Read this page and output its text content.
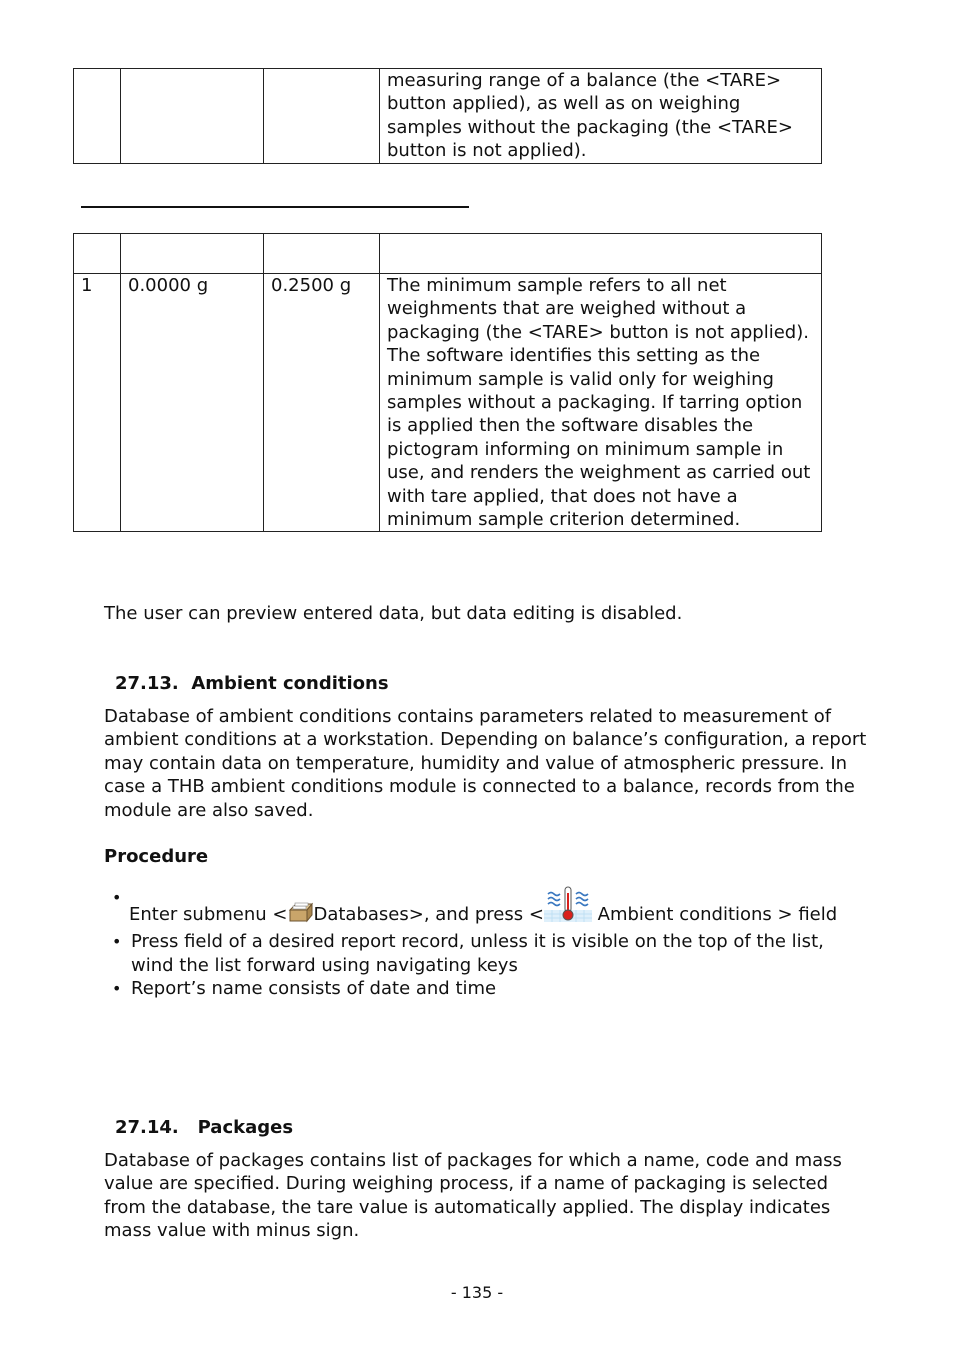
			measuring range of a balance (the <TARE> button applied), as well as on weighing samples without the packaging (the <TARE> button is not applied).

1	0.0000 g	0.2500 g	The minimum sample refers to all net weighments that are weighed without a packaging (the <TARE> button is not applied).
The software identifies this setting as the minimum sample is valid only for weighing samples without a packaging. If tarring option is applied then the software disables the pictogram informing on minimum sample in use, and renders the weighment as carried out with tare applied, that does not have a minimum sample criterion determined.
The user can preview entered data, but data editing is disabled.
27.13. Ambient conditions
Database of ambient conditions contains parameters related to measurement of ambient conditions at a workstation. Depending on balance’s configuration, a report may contain data on temperature, humidity and value of atmospheric pressure. In case a THB ambient conditions module is connected to a balance, records from the module are also saved.
Procedure
• Enter submenu < Databases>, and press <	Ambient conditions > field
• Press field of a desired report record, unless it is visible on the top of the list, wind the list forward using navigating keys
• Report’s name consists of date and time
27.14. Packages
Database of packages contains list of packages for which a name, code and mass value are specified. During weighing process, if a name of packaging is selected from the database, the tare value is automatically applied. The display indicates mass value with minus sign.
- 135 -
